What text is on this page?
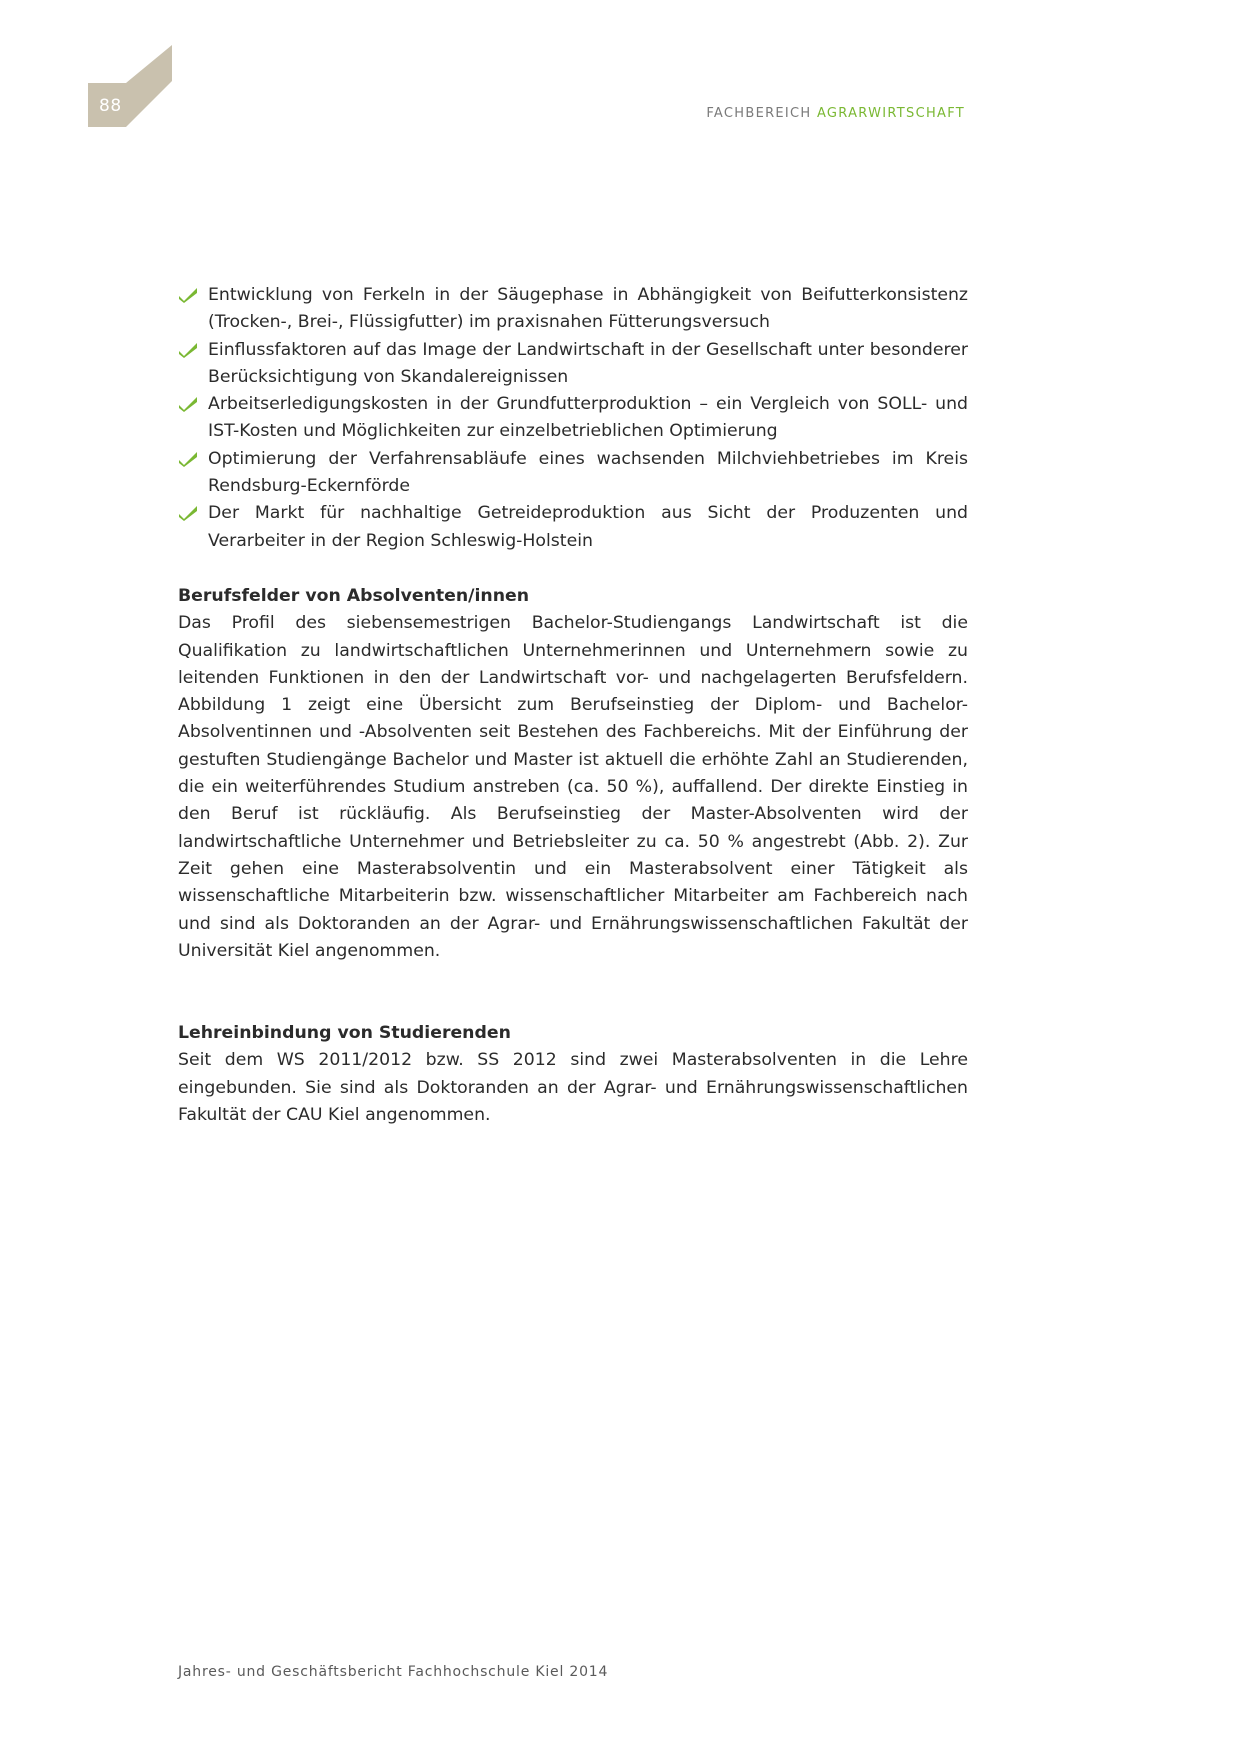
88	FACHBEREICH AGRARWIRTSCHAFT
Entwicklung von Ferkeln in der Säugephase in Abhängigkeit von Beifutterkonsistenz (Trocken-, Brei-, Flüssigfutter) im praxisnahen Fütterungsversuch
Einflussfaktoren auf das Image der Landwirtschaft in der Gesellschaft unter besonderer Berücksichtigung von Skandalereignissen
Arbeitserledigungskosten in der Grundfutterproduktion – ein Vergleich von SOLL- und IST-Kosten und Möglichkeiten zur einzelbetrieblichen Optimierung
Optimierung der Verfahrensabläufe eines wachsenden Milchviehbetriebes im Kreis Rendsburg-Eckernförde
Der Markt für nachhaltige Getreideproduktion aus Sicht der Produzenten und Verarbeiter in der Region Schleswig-Holstein
Berufsfelder von Absolventen/innen

Das Profil des siebensemestrigen Bachelor-Studiengangs Landwirtschaft ist die Qualifikation zu landwirtschaftlichen Unternehmerinnen und Unternehmern sowie zu leitenden Funktionen in den der Landwirtschaft vor- und nachgelagerten Berufsfeldern. Abbildung 1 zeigt eine Übersicht zum Berufseinstieg der Diplom- und Bachelor-Absolventinnen und -Absolventen seit Bestehen des Fachbereichs. Mit der Einführung der gestuften Studiengänge Bachelor und Master ist aktuell die erhöhte Zahl an Studierenden, die ein weiterführendes Studium anstreben (ca. 50 %), auffallend. Der direkte Einstieg in den Beruf ist rückläufig. Als Berufseinstieg der Master-Absolventen wird der landwirtschaftliche Unternehmer und Betriebsleiter zu ca. 50 % angestrebt (Abb. 2). Zur Zeit gehen eine Masterabsolventin und ein Masterabsolvent einer Tätigkeit als wissenschaftliche Mitarbeiterin bzw. wissenschaftlicher Mitarbeiter am Fachbereich nach und sind als Doktoranden an der Agrar- und Ernährungswissenschaftlichen Fakultät der Universität Kiel angenommen.

Lehreinbindung von Studierenden

Seit dem WS 2011/2012 bzw. SS 2012 sind zwei Masterabsolventen in die Lehre eingebunden. Sie sind als Doktoranden an der Agrar- und Ernährungswissenschaftlichen Fakultät der CAU Kiel angenommen.

Jahres- und Geschäftsbericht Fachhochschule Kiel 2014
